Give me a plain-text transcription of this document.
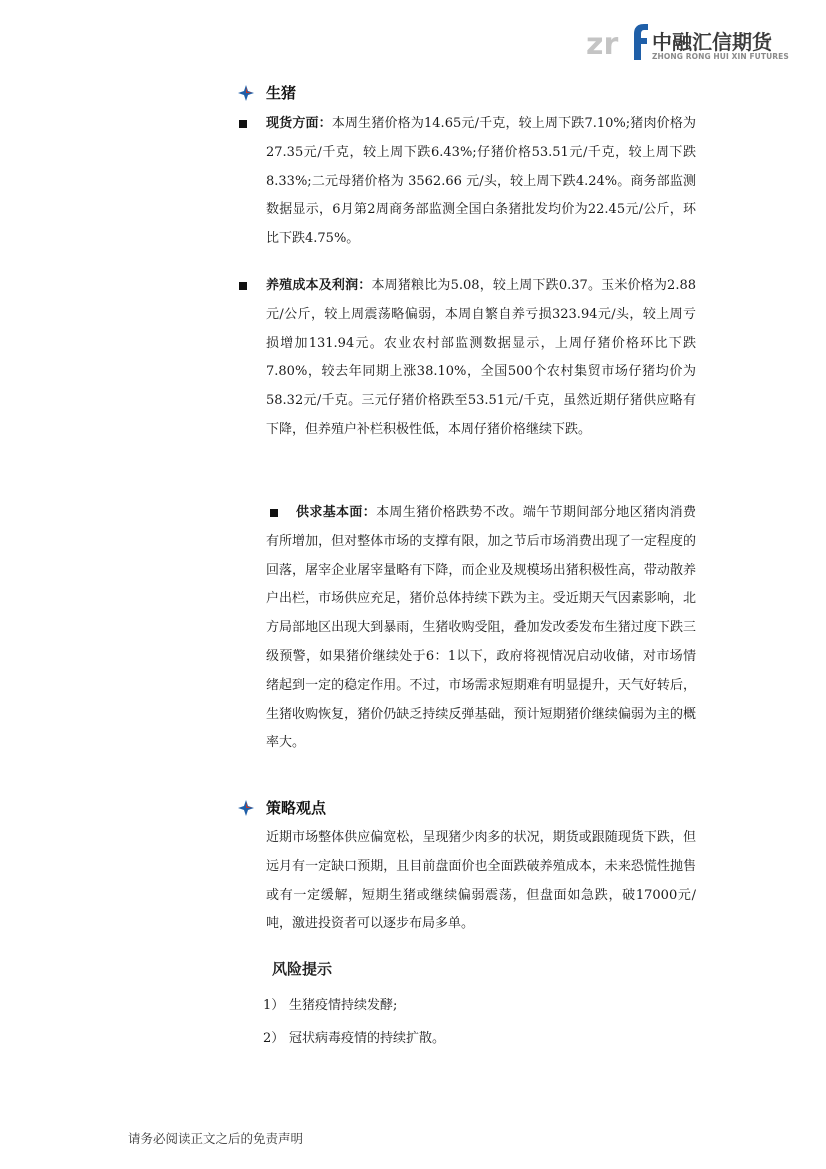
zr 中融汇信期货
ZHONG RONG HUI XIN FUTURES
生猪
现货方面：本周生猪价格为14.65元/千克，较上周下跌7.10%;猪肉价格为27.35元/千克，较上周下跌6.43%;仔猪价格53.51元/千克，较上周下跌 8.33%;二元母猪价格为 3562.66 元/头，较上周下跌4.24%。商务部监测数据显示，6月第2周商务部监测全国白条猪批发均价为22.45元/公斤，环比下跌4.75%。
养殖成本及利润：本周猪粮比为5.08，较上周下跌0.37。玉米价格为2.88元/公斤，较上周震荡略偏弱，本周自繁自养亏损323.94元/头，较上周亏损增加131.94元。农业农村部监测数据显示，上周仔猪价格环比下跌7.80%，较去年同期上涨38.10%，全国500个农村集贸市场仔猪均价为58.32元/千克。三元仔猪价格跌至53.51元/千克，虽然近期仔猪供应略有下降，但养殖户补栏积极性低，本周仔猪价格继续下跌。
供求基本面：本周生猪价格跌势不改。端午节期间部分地区猪肉消费有所增加，但对整体市场的支撑有限，加之节后市场消费出现了一定程度的回落，屠宰企业屠宰量略有下降，而企业及规模场出猪积极性高，带动散养户出栏，市场供应充足，猪价总体持续下跌为主。受近期天气因素影响，北方局部地区出现大到暴雨，生猪收购受阻，叠加发改委发布生猪过度下跌三级预警，如果猪价继续处于6：1以下，政府将视情况启动收储，对市场情绪起到一定的稳定作用。不过，市场需求短期难有明显提升，天气好转后，生猪收购恢复，猪价仍缺乏持续反弹基础，预计短期猪价继续偏弱为主的概率大。
策略观点
近期市场整体供应偏宽松，呈现猪少肉多的状况，期货或跟随现货下跌，但远月有一定缺口预期，且目前盘面价也全面跌破养殖成本，未来恐慌性抛售或有一定缓解，短期生猪或继续偏弱震荡，但盘面如急跌，破17000元/吨，激进投资者可以逐步布局多单。
风险提示
1） 生猪疫情持续发酵;
2） 冠状病毒疫情的持续扩散。
请务必阅读正文之后的免责声明
